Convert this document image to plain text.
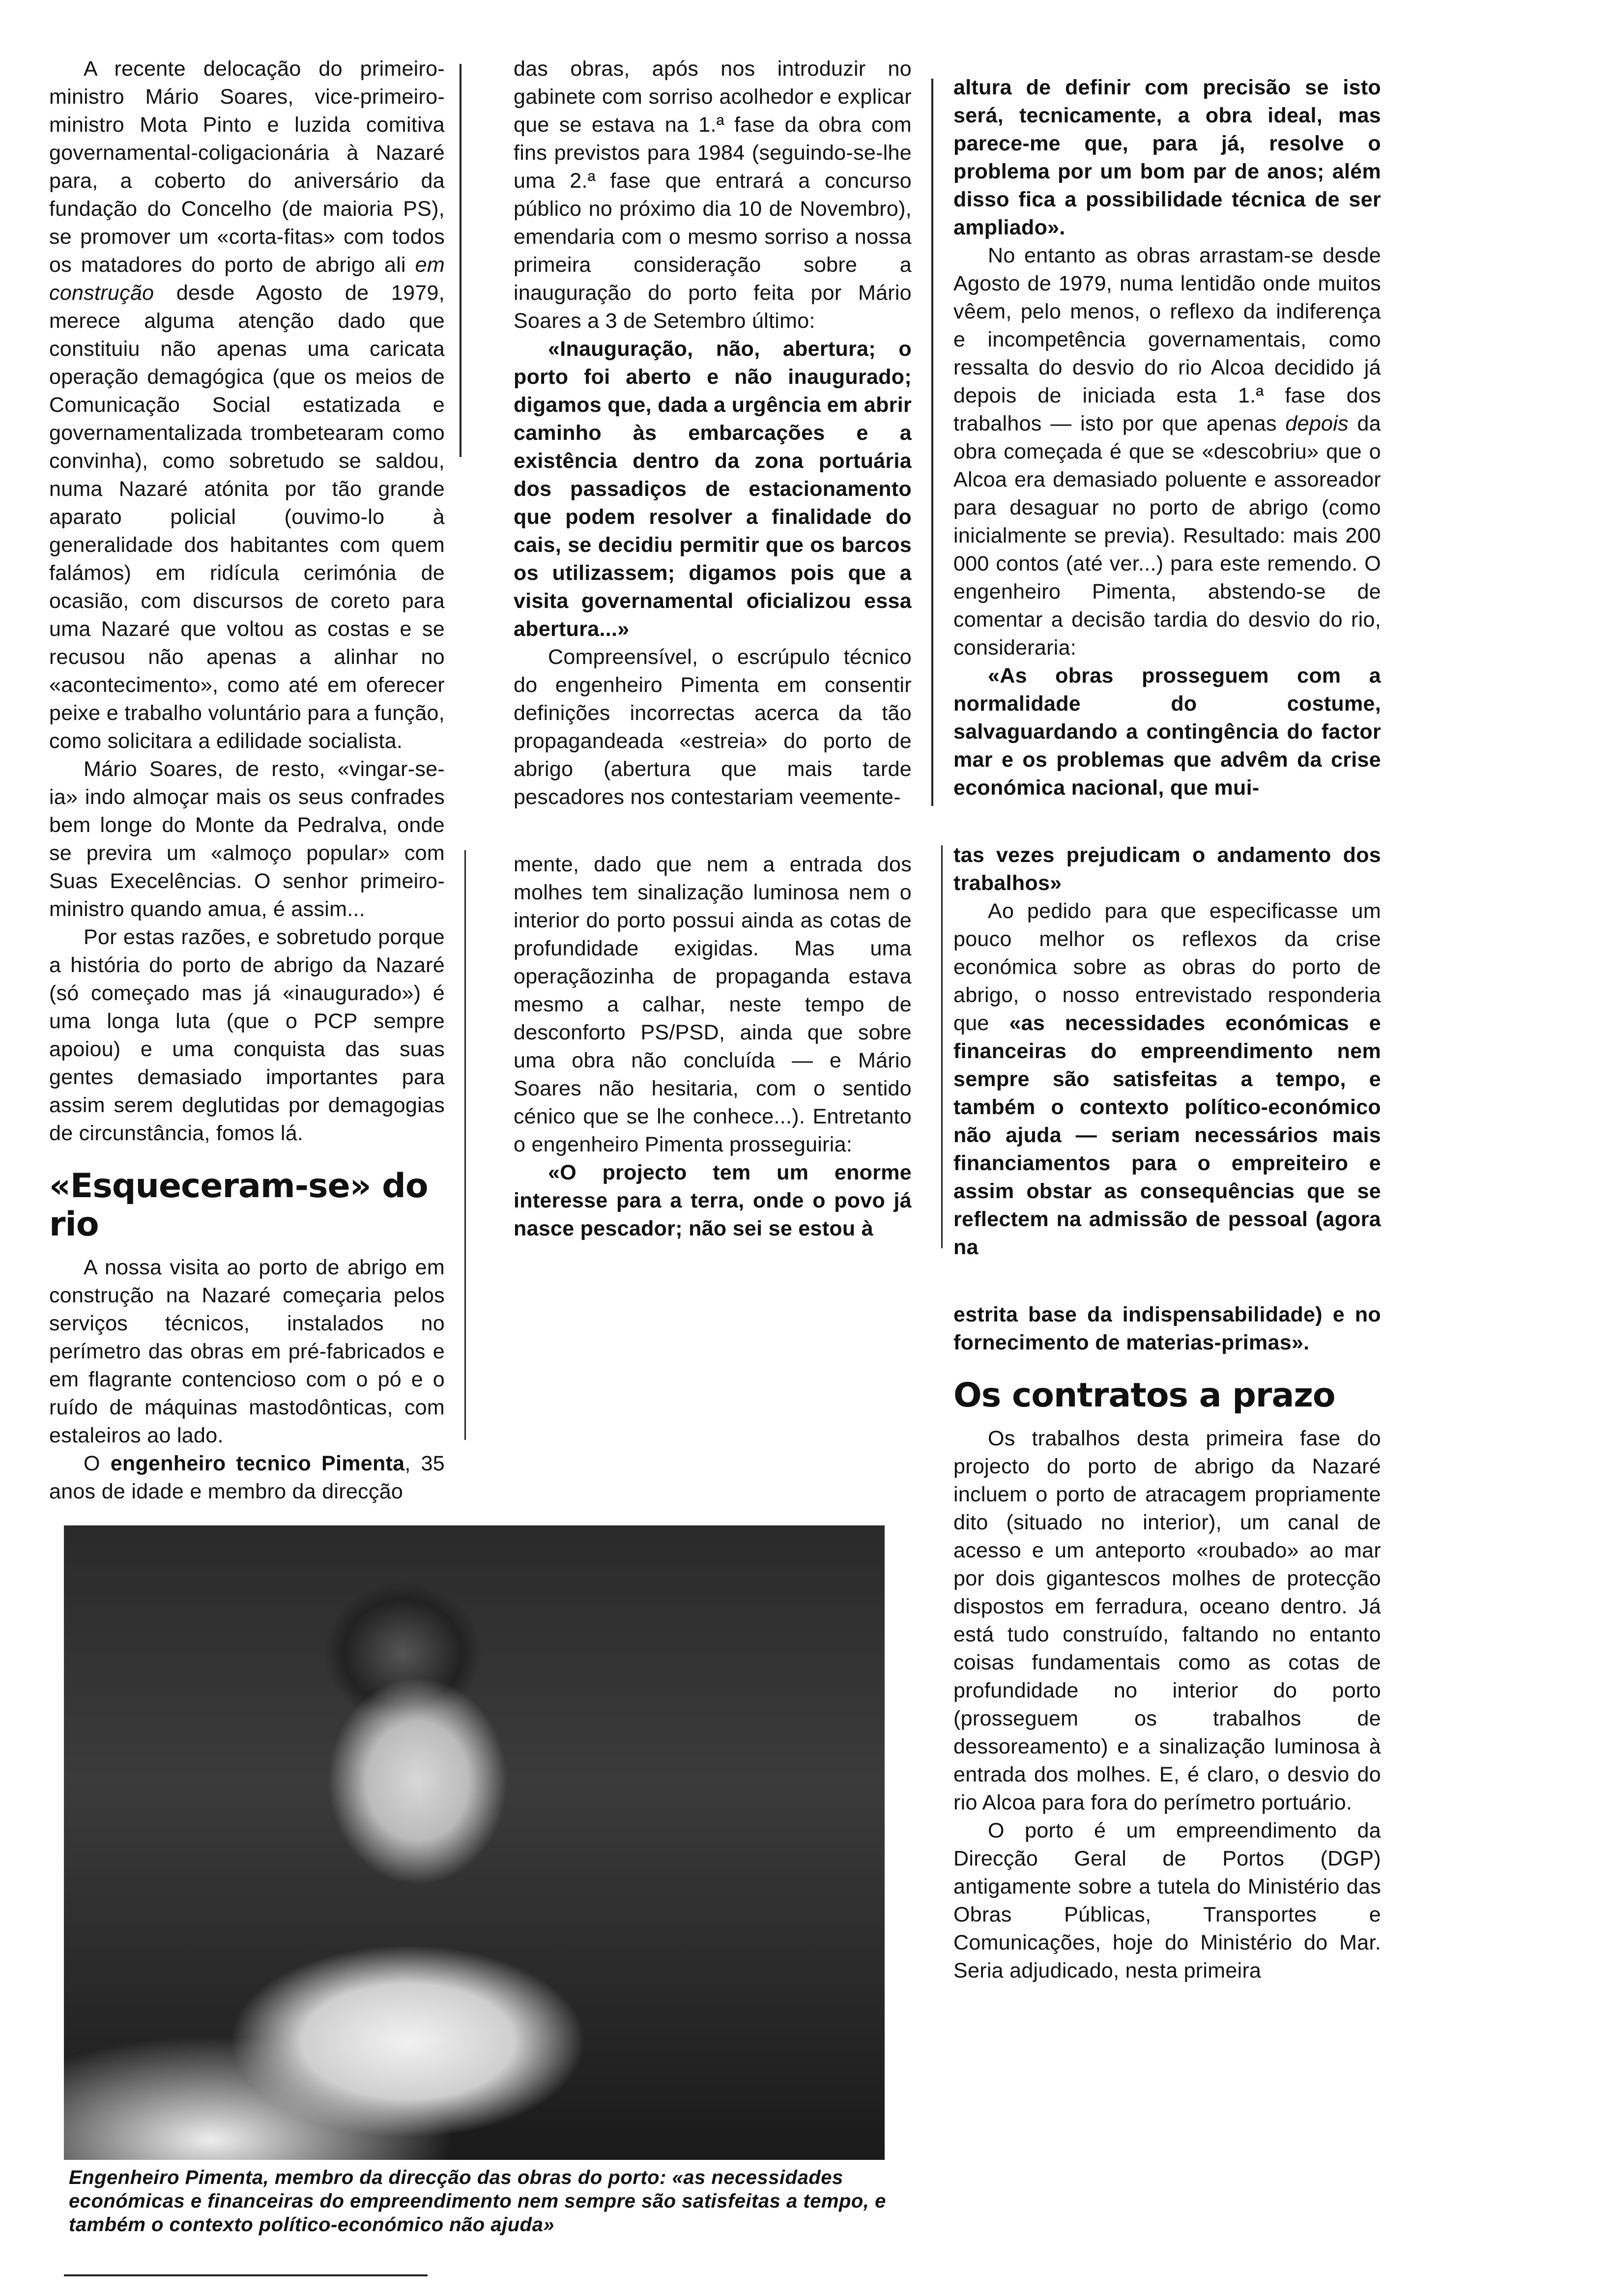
A recente delocação do primeiro-ministro Mário Soares, vice-primeiro-ministro Mota Pinto e luzida comitiva governamental-coligacionária à Nazaré para, a coberto do aniversário da fundação do Concelho (de maioria PS), se promover um «corta-fitas» com todos os matadores do porto de abrigo ali em construção desde Agosto de 1979, merece alguma atenção dado que constituiu não apenas uma caricata operação demagógica (que os meios de Comunicação Social estatizada e governamentalizada trombetearam como convinha), como sobretudo se saldou, numa Nazaré atónita por tão grande aparato policial (ouvimo-lo à generalidade dos habitantes com quem falámos) em ridícula cerimónia de ocasião, com discursos de coreto para uma Nazaré que voltou as costas e se recusou não apenas a alinhar no «acontecimento», como até em oferecer peixe e trabalho voluntário para a função, como solicitara a edilidade socialista.

Mário Soares, de resto, «vingar-se-ia» indo almoçar mais os seus confrades bem longe do Monte da Pedralva, onde se previra um «almoço popular» com Suas Execelências. O senhor primeiro-ministro quando amua, é assim...

Por estas razões, e sobretudo porque a história do porto de abrigo da Nazaré (só começado mas já «inaugurado») é uma longa luta (que o PCP sempre apoiou) e uma conquista das suas gentes demasiado importantes para assim serem deglutidas por demagogias de circunstância, fomos lá.

«Esqueceram-se» do rio

A nossa visita ao porto de abrigo em construção na Nazaré começaria pelos serviços técnicos, instalados no perímetro das obras em pré-fabricados e em flagrante contencioso com o pó e o ruído de máquinas mastodônticas, com estaleiros ao lado.

O engenheiro tecnico Pimenta, 35 anos de idade e membro da direcção

das obras, após nos introduzir no gabinete com sorriso acolhedor e explicar que se estava na 1.ª fase da obra com fins previstos para 1984 (seguindo-se-lhe uma 2.ª fase que entrará a concurso público no próximo dia 10 de Novembro), emendaria com o mesmo sorriso a nossa primeira consideração sobre a inauguração do porto feita por Mário Soares a 3 de Setembro último:

«Inauguração, não, abertura; o porto foi aberto e não inaugurado; digamos que, dada a urgência em abrir caminho às embarcações e a existência dentro da zona portuária dos passadiços de estacionamento que podem resolver a finalidade do cais, se decidiu permitir que os barcos os utilizassem; digamos pois que a visita governamental oficializou essa abertura...»

Compreensível, o escrúpulo técnico do engenheiro Pimenta em consentir definições incorrectas acerca da tão propagandeada «estreia» do porto de abrigo (abertura que mais tarde pescadores nos contestariam veemente-

mente, dado que nem a entrada dos molhes tem sinalização luminosa nem o interior do porto possui ainda as cotas de profundidade exigidas. Mas uma operaçãozinha de propaganda estava mesmo a calhar, neste tempo de desconforto PS/PSD, ainda que sobre uma obra não concluída — e Mário Soares não hesitaria, com o sentido cénico que se lhe conhece...). Entretanto o engenheiro Pimenta prosseguiria:

«O projecto tem um enorme interesse para a terra, onde o povo já nasce pescador; não sei se estou à

altura de definir com precisão se isto será, tecnicamente, a obra ideal, mas parece-me que, para já, resolve o problema por um bom par de anos; além disso fica a possibilidade técnica de ser ampliado».

No entanto as obras arrastam-se desde Agosto de 1979, numa lentidão onde muitos vêem, pelo menos, o reflexo da indiferença e incompetência governamentais, como ressalta do desvio do rio Alcoa decidido já depois de iniciada esta 1.ª fase dos trabalhos — isto por que apenas depois da obra começada é que se «descobriu» que o Alcoa era demasiado poluente e assoreador para desaguar no porto de abrigo (como inicialmente se previa). Resultado: mais 200 000 contos (até ver...) para este remendo. O engenheiro Pimenta, abstendo-se de comentar a decisão tardia do desvio do rio, consideraria:

«As obras prosseguem com a normalidade do costume, salvaguardando a contingência do factor mar e os problemas que advêm da crise económica nacional, que mui-

tas vezes prejudicam o andamento dos trabalhos»

Ao pedido para que especificasse um pouco melhor os reflexos da crise económica sobre as obras do porto de abrigo, o nosso entrevistado responderia que «as necessidades económicas e financeiras do empreendimento nem sempre são satisfeitas a tempo, e também o contexto político-económico não ajuda — seriam necessários mais financiamentos para o empreiteiro e assim obstar as consequências que se reflectem na admissão de pessoal (agora na

estrita base da indispensabilidade) e no fornecimento de materias-primas».

Os contratos a prazo

Os trabalhos desta primeira fase do projecto do porto de abrigo da Nazaré incluem o porto de atracagem propriamente dito (situado no interior), um canal de acesso e um anteporto «roubado» ao mar por dois gigantescos molhes de protecção dispostos em ferradura, oceano dentro. Já está tudo construído, faltando no entanto coisas fundamentais como as cotas de profundidade no interior do porto (prosseguem os trabalhos de dessoreamento) e a sinalização luminosa à entrada dos molhes. E, é claro, o desvio do rio Alcoa para fora do perímetro portuário.

O porto é um empreendimento da Direcção Geral de Portos (DGP) antigamente sobre a tutela do Ministério das Obras Públicas, Transportes e Comunicações, hoje do Ministério do Mar. Seria adjudicado, nesta primeira

Engenheiro Pimenta, membro da direcção das obras do porto: «as necessidades económicas e financeiras do empreendimento nem sempre são satisfeitas a tempo, e também o contexto político-económico não ajuda»
